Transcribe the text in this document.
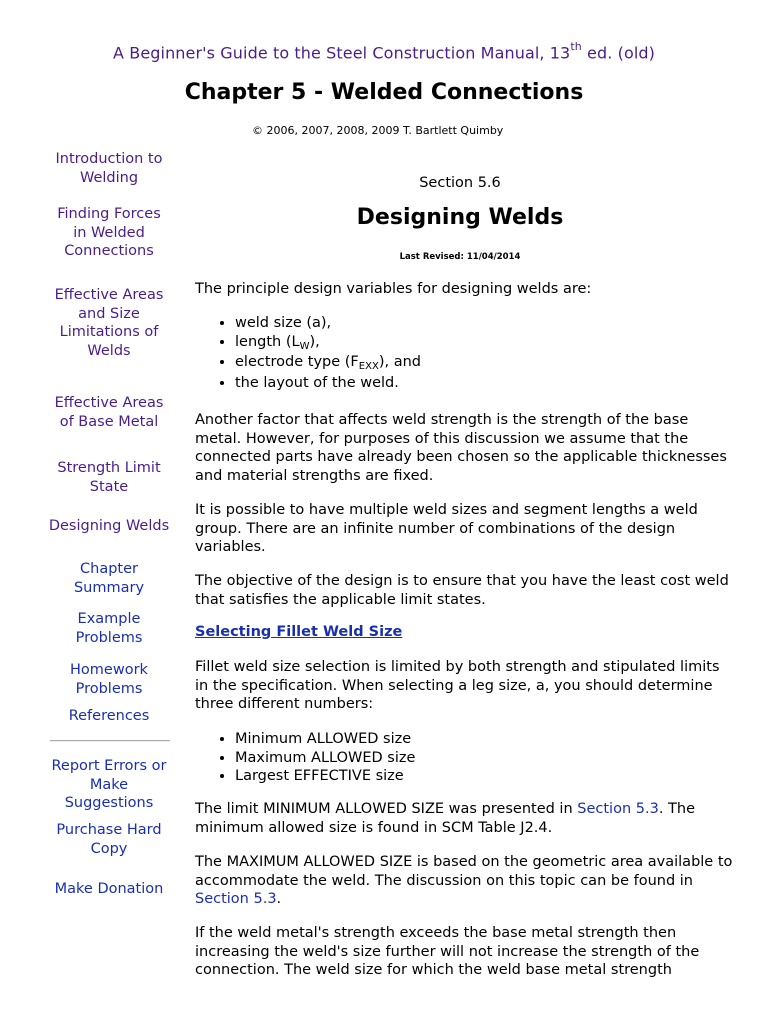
A Beginner's Guide to the Steel Construction Manual, 13th ed. (old)
Chapter 5 - Welded Connections
© 2006, 2007, 2008, 2009 T. Bartlett Quimby
Introduction to
Welding
Finding Forces
in Welded
Connections
Effective Areas
and Size
Limitations of
Welds
Effective Areas
of Base Metal
Strength Limit
State
Designing Welds
Chapter
Summary
Example
Problems
Homework
Problems
References
Report Errors or
Make
Suggestions
Purchase Hard
Copy
Make Donation
Section 5.6
Designing Welds
Last Revised: 11/04/2014
The principle design variables for designing welds are:
• weld size (a),
• length $(L_W)$,
• electrode type $(F_{EXX})$, and
• the layout of the weld.
Another factor that affects weld strength is the strength of the base metal. However, for purposes of this discussion we assume that the connected parts have already been chosen so the applicable thicknesses and material strengths are fixed.
It is possible to have multiple weld sizes and segment lengths a weld group. There are an infinite number of combinations of the design variables.
The objective of the design is to ensure that you have the least cost weld that satisfies the applicable limit states.
Selecting Fillet Weld Size
Fillet weld size selection is limited by both strength and stipulated limits in the specification. When selecting a leg size, a, you should determine three different numbers:
• Minimum ALLOWED size
• Maximum ALLOWED size
• Largest EFFECTIVE size
The limit MINIMUM ALLOWED SIZE was presented in Section 5.3. The minimum allowed size is found in SCM Table J2.4.
The MAXIMUM ALLOWED SIZE is based on the geometric area available to accommodate the weld. The discussion on this topic can be found in Section 5.3.
If the weld metal's strength exceeds the base metal strength then increasing the weld's size further will not increase the strength of the connection. The weld size for which the weld base metal strength
